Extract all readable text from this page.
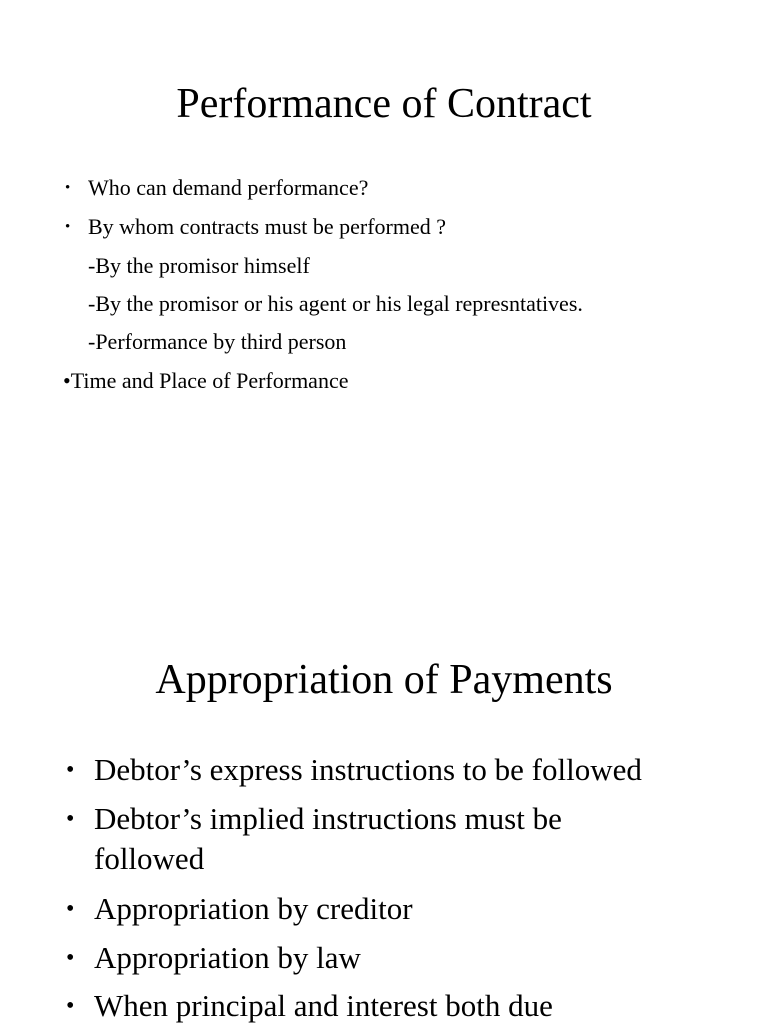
Performance of Contract
• Who can demand performance?
• By whom contracts must be performed ?
-By the promisor himself
-By the promisor or his agent or his legal represntatives.
-Performance by third person
•Time and Place of Performance
Appropriation of Payments
• Debtor’s express instructions to be followed
• Debtor’s implied instructions must be
followed
• Appropriation by creditor
• Appropriation by law
• When principal and interest both due
